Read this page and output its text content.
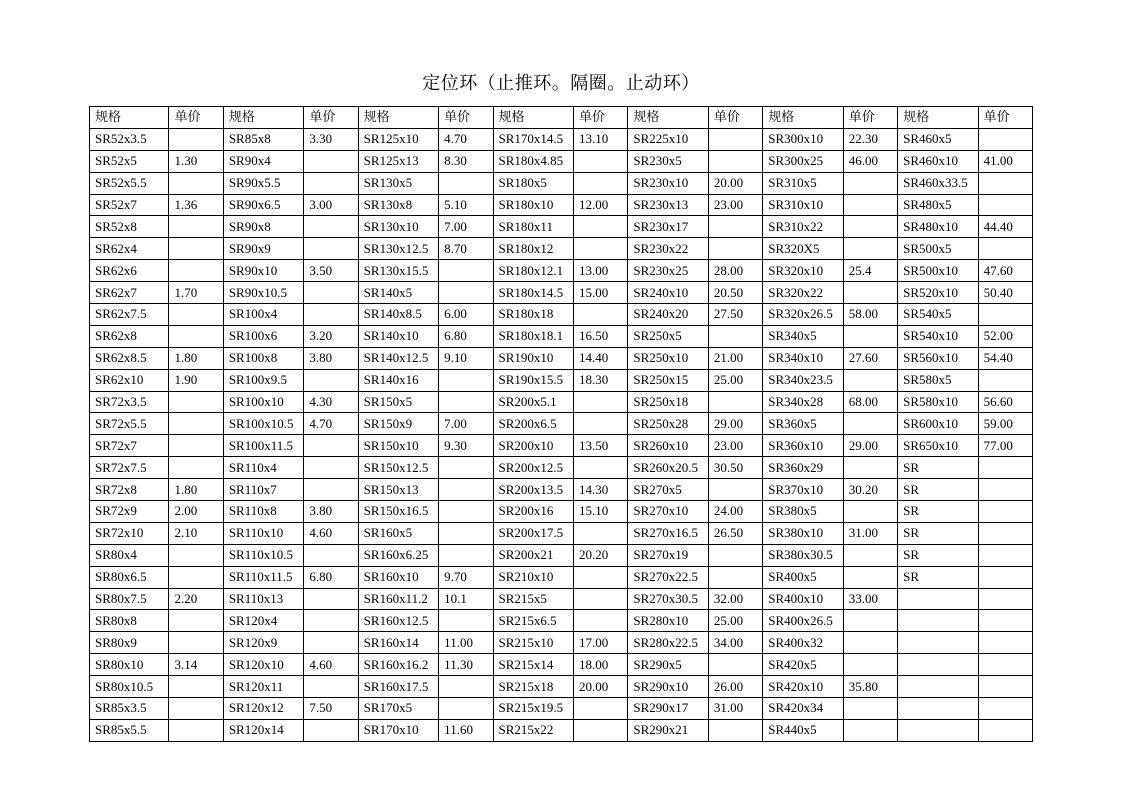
定位环（止推环。隔圈。止动环）
规格	单价	规格	单价	规格	单价	规格	单价	规格	单价	规格	单价	规格	单价
SR52x3.5		SR85x8	3.30	SR125x10	4.70	SR170x14.5	13.10	SR225x10		SR300x10	22.30	SR460x5	
SR52x5	1.30	SR90x4		SR125x13	8.30	SR180x4.85		SR230x5		SR300x25	46.00	SR460x10	41.00
SR52x5.5		SR90x5.5		SR130x5		SR180x5		SR230x10	20.00	SR310x5		SR460x33.5	
SR52x7	1.36	SR90x6.5	3.00	SR130x8	5.10	SR180x10	12.00	SR230x13	23.00	SR310x10		SR480x5	
SR52x8		SR90x8		SR130x10	7.00	SR180x11		SR230x17		SR310x22		SR480x10	44.40
SR62x4		SR90x9		SR130x12.5	8.70	SR180x12		SR230x22		SR320X5		SR500x5	
SR62x6		SR90x10	3.50	SR130x15.5		SR180x12.1	13.00	SR230x25	28.00	SR320x10	25.4	SR500x10	47.60
SR62x7	1.70	SR90x10.5		SR140x5		SR180x14.5	15.00	SR240x10	20.50	SR320x22		SR520x10	50.40
SR62x7.5		SR100x4		SR140x8.5	6.00	SR180x18		SR240x20	27.50	SR320x26.5	58.00	SR540x5	
SR62x8		SR100x6	3.20	SR140x10	6.80	SR180x18.1	16.50	SR250x5		SR340x5		SR540x10	52.00
SR62x8.5	1.80	SR100x8	3.80	SR140x12.5	9.10	SR190x10	14.40	SR250x10	21.00	SR340x10	27.60	SR560x10	54.40
SR62x10	1.90	SR100x9.5		SR140x16		SR190x15.5	18.30	SR250x15	25.00	SR340x23.5		SR580x5	
SR72x3.5		SR100x10	4.30	SR150x5		SR200x5.1		SR250x18		SR340x28	68.00	SR580x10	56.60
SR72x5.5		SR100x10.5	4.70	SR150x9	7.00	SR200x6.5		SR250x28	29.00	SR360x5		SR600x10	59.00
SR72x7		SR100x11.5		SR150x10	9.30	SR200x10	13.50	SR260x10	23.00	SR360x10	29.00	SR650x10	77.00
SR72x7.5		SR110x4		SR150x12.5		SR200x12.5		SR260x20.5	30.50	SR360x29		SR	
SR72x8	1.80	SR110x7		SR150x13		SR200x13.5	14.30	SR270x5		SR370x10	30.20	SR	
SR72x9	2.00	SR110x8	3.80	SR150x16.5		SR200x16	15.10	SR270x10	24.00	SR380x5		SR	
SR72x10	2.10	SR110x10	4.60	SR160x5		SR200x17.5		SR270x16.5	26.50	SR380x10	31.00	SR	
SR80x4		SR110x10.5		SR160x6.25		SR200x21	20.20	SR270x19		SR380x30.5		SR	
SR80x6.5		SR110x11.5	6.80	SR160x10	9.70	SR210x10		SR270x22.5		SR400x5		SR	
SR80x7.5	2.20	SR110x13		SR160x11.2	10.1	SR215x5		SR270x30.5	32.00	SR400x10	33.00		
SR80x8		SR120x4		SR160x12.5		SR215x6.5		SR280x10	25.00	SR400x26.5			
SR80x9		SR120x9		SR160x14	11.00	SR215x10	17.00	SR280x22.5	34.00	SR400x32			
SR80x10	3.14	SR120x10	4.60	SR160x16.2	11.30	SR215x14	18.00	SR290x5		SR420x5			
SR80x10.5		SR120x11		SR160x17.5		SR215x18	20.00	SR290x10	26.00	SR420x10	35.80		
SR85x3.5		SR120x12	7.50	SR170x5		SR215x19.5		SR290x17	31.00	SR420x34			
SR85x5.5		SR120x14		SR170x10	11.60	SR215x22		SR290x21		SR440x5			
